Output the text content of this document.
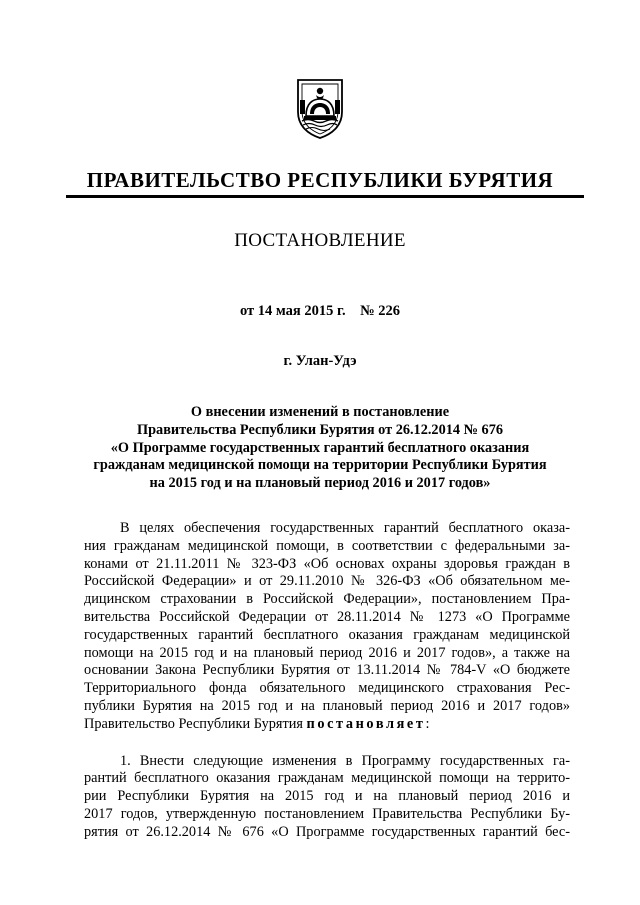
ПРАВИТЕЛЬСТВО РЕСПУБЛИКИ БУРЯТИЯ
ПОСТАНОВЛЕНИЕ
от 14 мая 2015 г.    № 226
г. Улан-Удэ
О внесении изменений в постановление
Правительства Республики Бурятия от 26.12.2014 № 676
«О Программе государственных гарантий бесплатного оказания
гражданам медицинской помощи на территории Республики Бурятия
на 2015 год и на плановый период 2016 и 2017 годов»
В целях обеспечения государственных гарантий бесплатного оказа-
ния гражданам медицинской помощи, в соответствии с федеральными за-
конами от 21.11.2011 № 323-ФЗ «Об основах охраны здоровья граждан в
Российской Федерации» и от 29.11.2010 № 326-ФЗ «Об обязательном ме-
дицинском страховании в Российской Федерации», постановлением Пра-
вительства Российской Федерации от 28.11.2014 № 1273 «О Программе
государственных гарантий бесплатного оказания гражданам медицинской
помощи на 2015 год и на плановый период 2016 и 2017 годов», а также на
основании Закона Республики Бурятия от 13.11.2014 № 784-V «О бюджете
Территориального фонда обязательного медицинского страхования Рес-
публики Бурятия на 2015 год и на плановый период 2016 и 2017 годов»
Правительство Республики Бурятия постановляет:
1. Внести следующие изменения в Программу государственных га-
рантий бесплатного оказания гражданам медицинской помощи на террито-
рии Республики Бурятия на 2015 год и на плановый период 2016 и
2017 годов, утвержденную постановлением Правительства Республики Бу-
рятия от 26.12.2014 № 676 «О Программе государственных гарантий бес-
